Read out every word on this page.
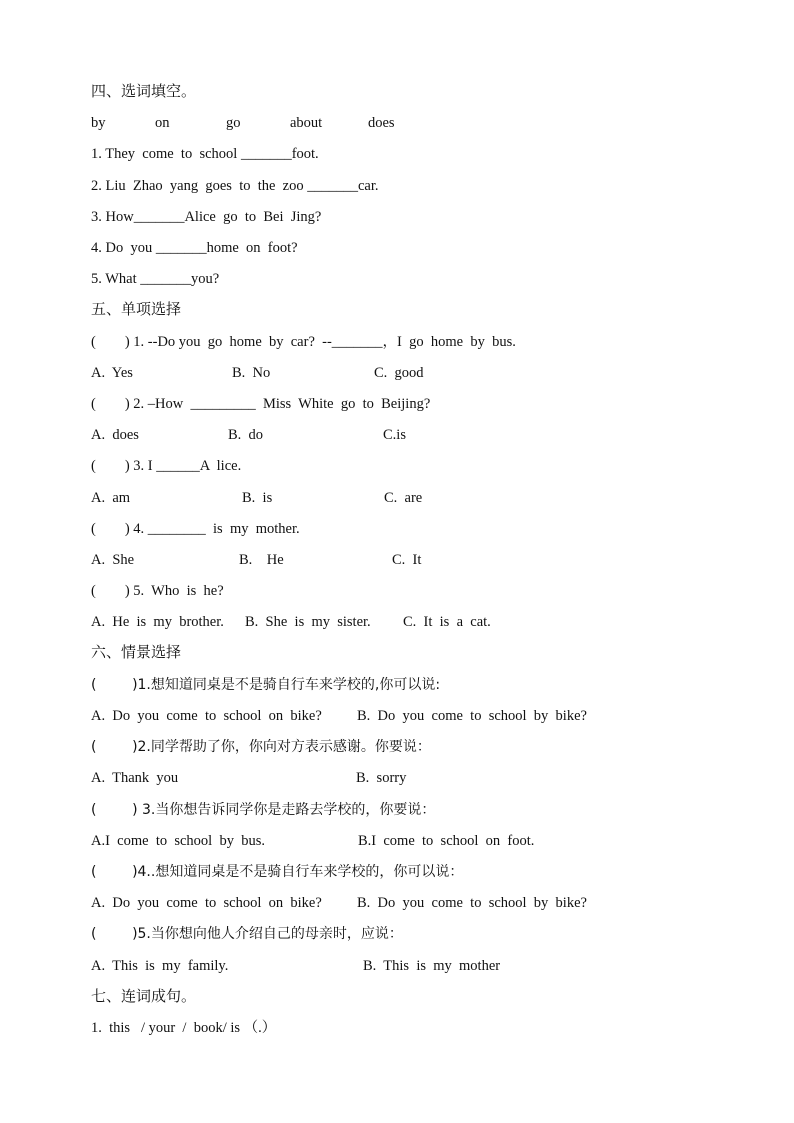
四、选词填空。
by	on	go	about	does
1. They  come  to  school _______foot.
2. Liu  Zhao  yang  goes  to  the  zoo _______car.
3. How_______Alice  go  to  Bei  Jing?
4. Do  you _______home  on  foot?
5. What _______you?
五、单项选择
(        ) 1. --Do you  go  home  by  car?  --_______，I  go  home  by  bus.
A.  Yes	B.  No	C.  good
(        ) 2. –How  _________  Miss  White  go  to  Beijing?
A.  does	B.  do	C.is
(        ) 3. I ______A  lice.
A.  am	B.  is	C.  are
(        ) 4. ________  is  my  mother.
A.  She	B.    He	C.  It
(        ) 5.  Who  is  he?
A.  He  is  my  brother. B.  She  is  my  sister. C.  It  is  a  cat.
六、情景选择
(        )1.想知道同桌是不是骑自行车来学校的,你可以说:
A.  Do  you  come  to  school  on  bike? B.  Do  you  come  to  school  by  bike?
(        )2.同学帮助了你，你向对方表示感谢。你要说：
A.  Thank  you	B.  sorry
(        ) 3.当你想告诉同学你是走路去学校的，你要说：
A.I  come  to  school  by  bus.	B.I  come  to  school  on  foot.
(        )4..想知道同桌是不是骑自行车来学校的，你可以说：
A.  Do  you  come  to  school  on  bike? B.  Do  you  come  to  school  by  bike?
(        )5.当你想向他人介绍自己的母亲时，应说：
A.  This  is  my  family.	B.  This  is  my  mother
七、连词成句。
1.  this   / your  /  book/ is （.）
